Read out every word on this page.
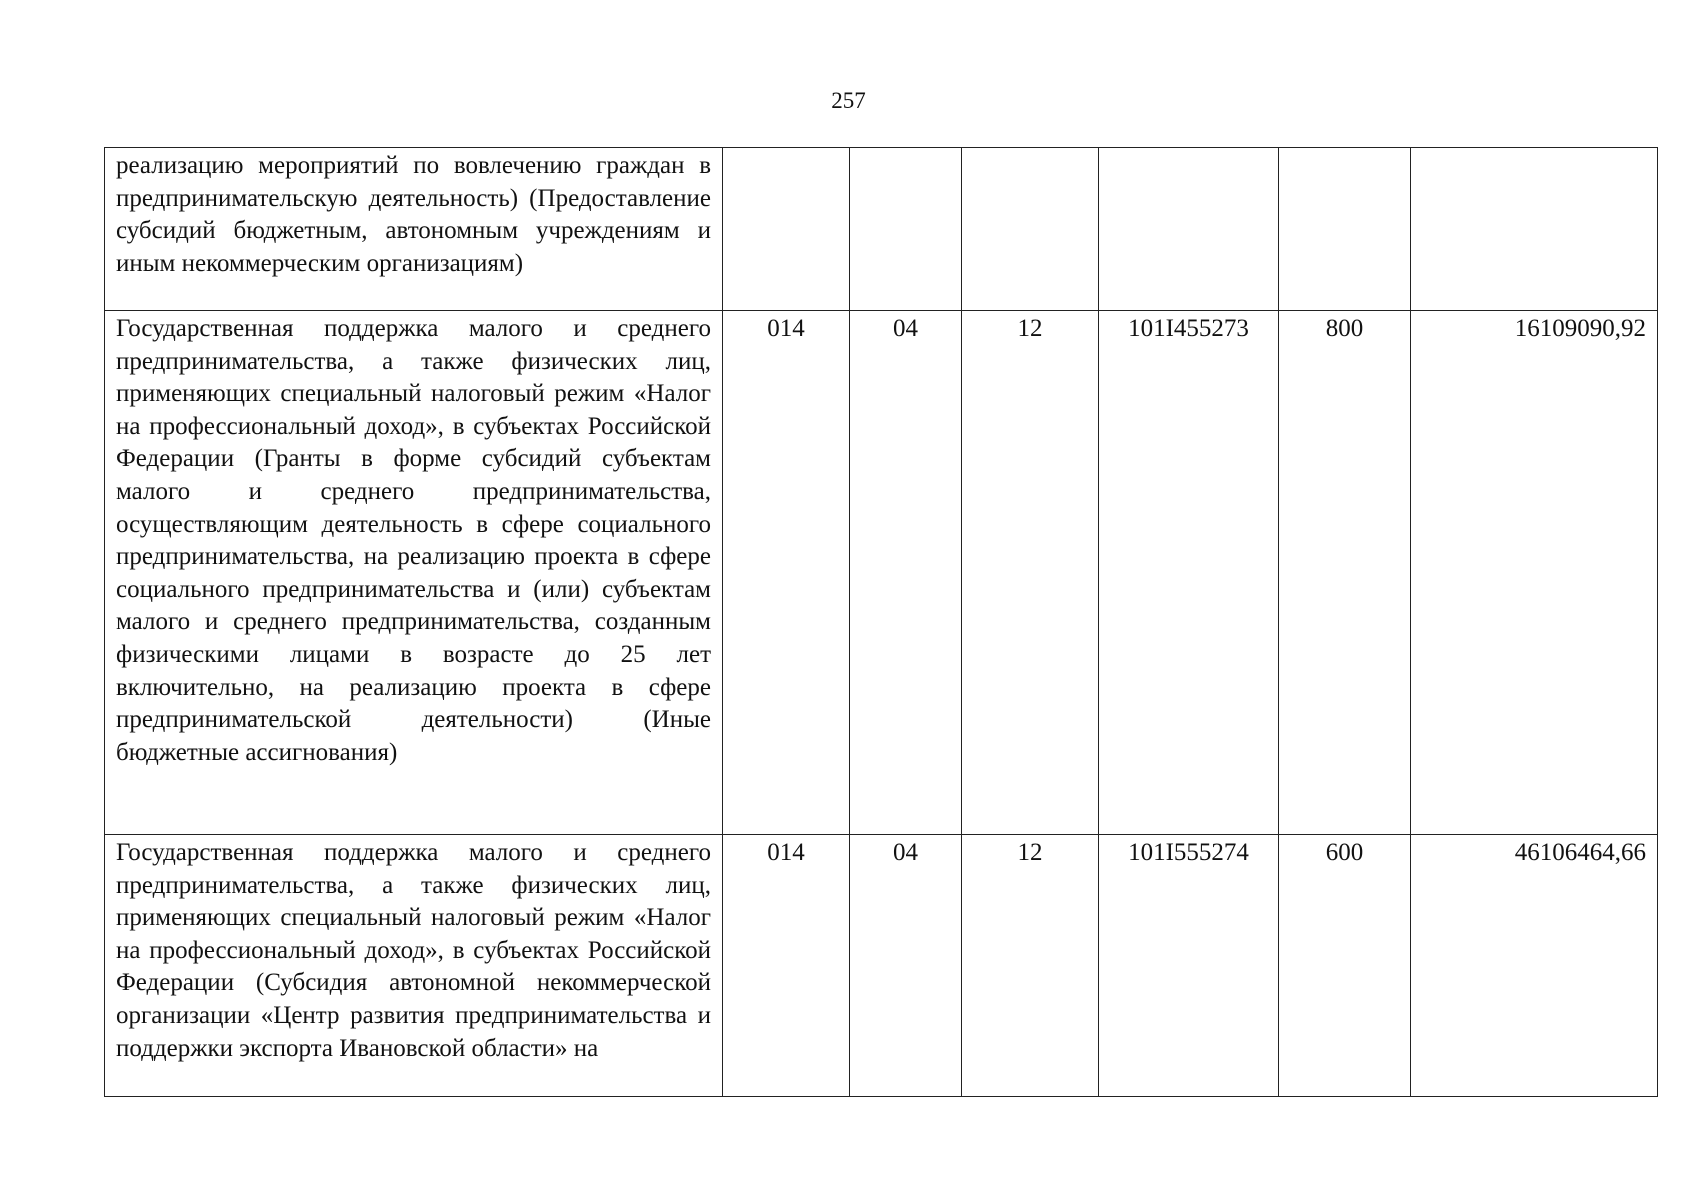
257
реализацию мероприятий по вовлечению граждан в предпринимательскую деятельность) (Предоставление субсидий бюджетным, автономным учреждениям и иным некоммерческим организациям)						
Государственная поддержка малого и среднего предпринимательства, а также физических лиц, применяющих специальный налоговый режим «Налог на профессиональный доход», в субъектах Российской Федерации (Гранты в форме субсидий субъектам малого и среднего предпринимательства, осуществляющим деятельность в сфере социального предпринимательства, на реализацию проекта в сфере социального предпринимательства и (или) субъектам малого и среднего предпринимательства, созданным физическими лицами в возрасте до 25 лет включительно, на реализацию проекта в сфере предпринимательской деятельности) (Иные бюджетные ассигнования)	014	04	12	101I455273	800	16109090,92
Государственная поддержка малого и среднего предпринимательства, а также физических лиц, применяющих специальный налоговый режим «Налог на профессиональный доход», в субъектах Российской Федерации (Субсидия автономной некоммерческой организации «Центр развития предпринимательства и поддержки экспорта Ивановской области» на	014	04	12	101I555274	600	46106464,66
